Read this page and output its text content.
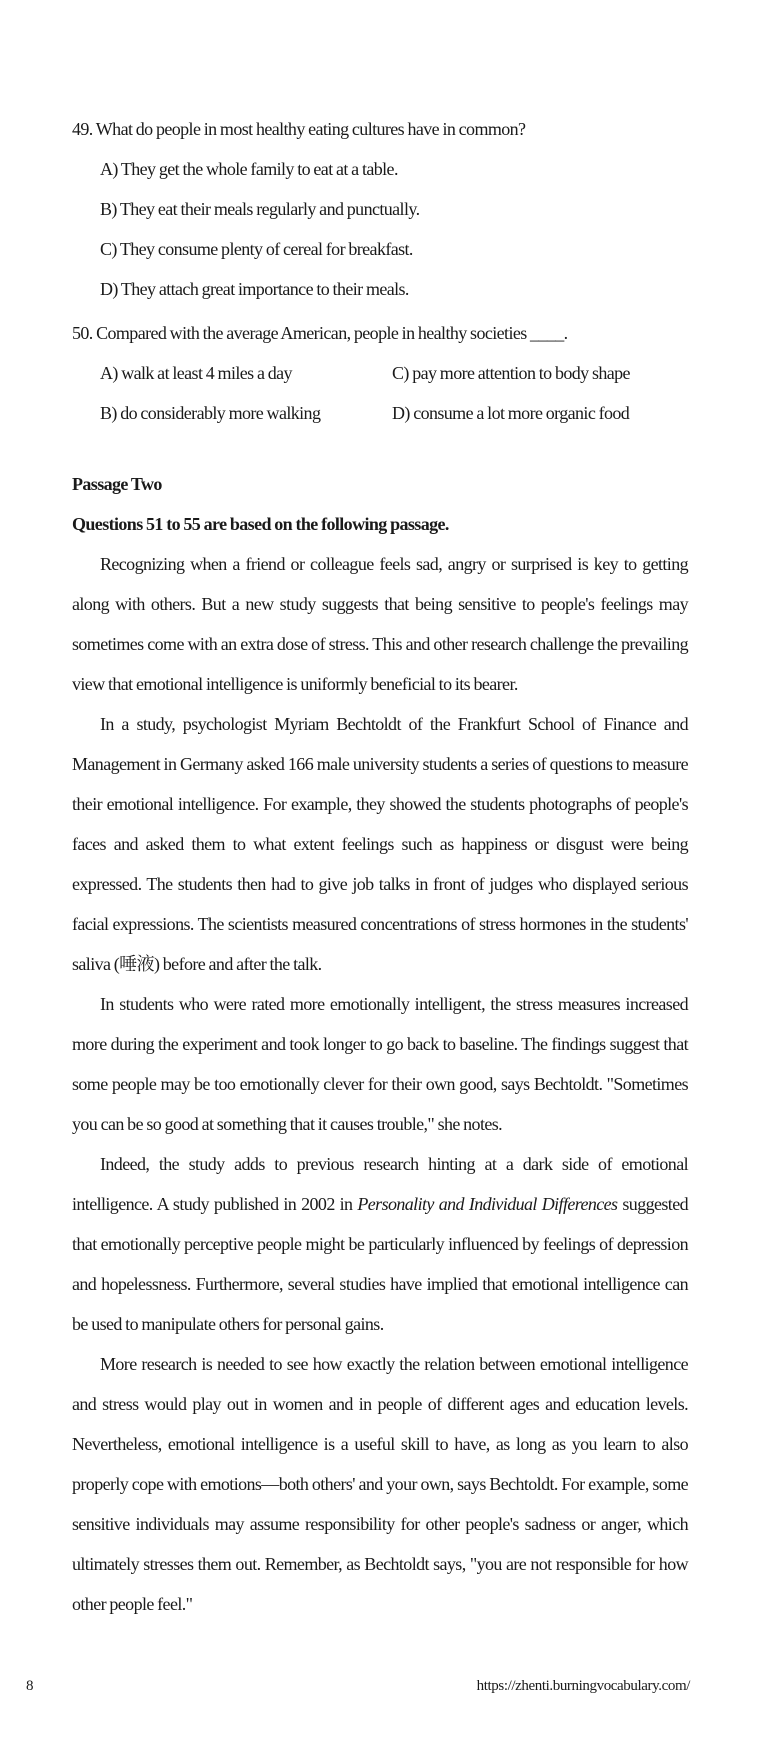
49. What do people in most healthy eating cultures have in common?

A) They get the whole family to eat at a table.

B) They eat their meals regularly and punctually.

C) They consume plenty of cereal for breakfast.

D) They attach great importance to their meals.

50. Compared with the average American, people in healthy societies ____.

A) walk at least 4 miles a day	C) pay more attention to body shape
B) do considerably more walking	D) consume a lot more organic food

Passage Two

Questions 51 to 55 are based on the following passage.

Recognizing when a friend or colleague feels sad, angry or surprised is key to getting along with others. But a new study suggests that being sensitive to people's feelings may sometimes come with an extra dose of stress. This and other research challenge the prevailing view that emotional intelligence is uniformly beneficial to its bearer.

In a study, psychologist Myriam Bechtoldt of the Frankfurt School of Finance and Management in Germany asked 166 male university students a series of questions to measure their emotional intelligence. For example, they showed the students photographs of people's faces and asked them to what extent feelings such as happiness or disgust were being expressed. The students then had to give job talks in front of judges who displayed serious facial expressions. The scientists measured concentrations of stress hormones in the students' saliva (唾液) before and after the talk.

In students who were rated more emotionally intelligent, the stress measures increased more during the experiment and took longer to go back to baseline. The findings suggest that some people may be too emotionally clever for their own good, says Bechtoldt. "Sometimes you can be so good at something that it causes trouble," she notes.

Indeed, the study adds to previous research hinting at a dark side of emotional intelligence. A study published in 2002 in Personality and Individual Differences suggested that emotionally perceptive people might be particularly influenced by feelings of depression and hopelessness. Furthermore, several studies have implied that emotional intelligence can be used to manipulate others for personal gains.

More research is needed to see how exactly the relation between emotional intelligence and stress would play out in women and in people of different ages and education levels. Nevertheless, emotional intelligence is a useful skill to have, as long as you learn to also properly cope with emotions—both others' and your own, says Bechtoldt. For example, some sensitive individuals may assume responsibility for other people's sadness or anger, which ultimately stresses them out. Remember, as Bechtoldt says, "you are not responsible for how other people feel."

8	https://zhenti.burningvocabulary.com/
